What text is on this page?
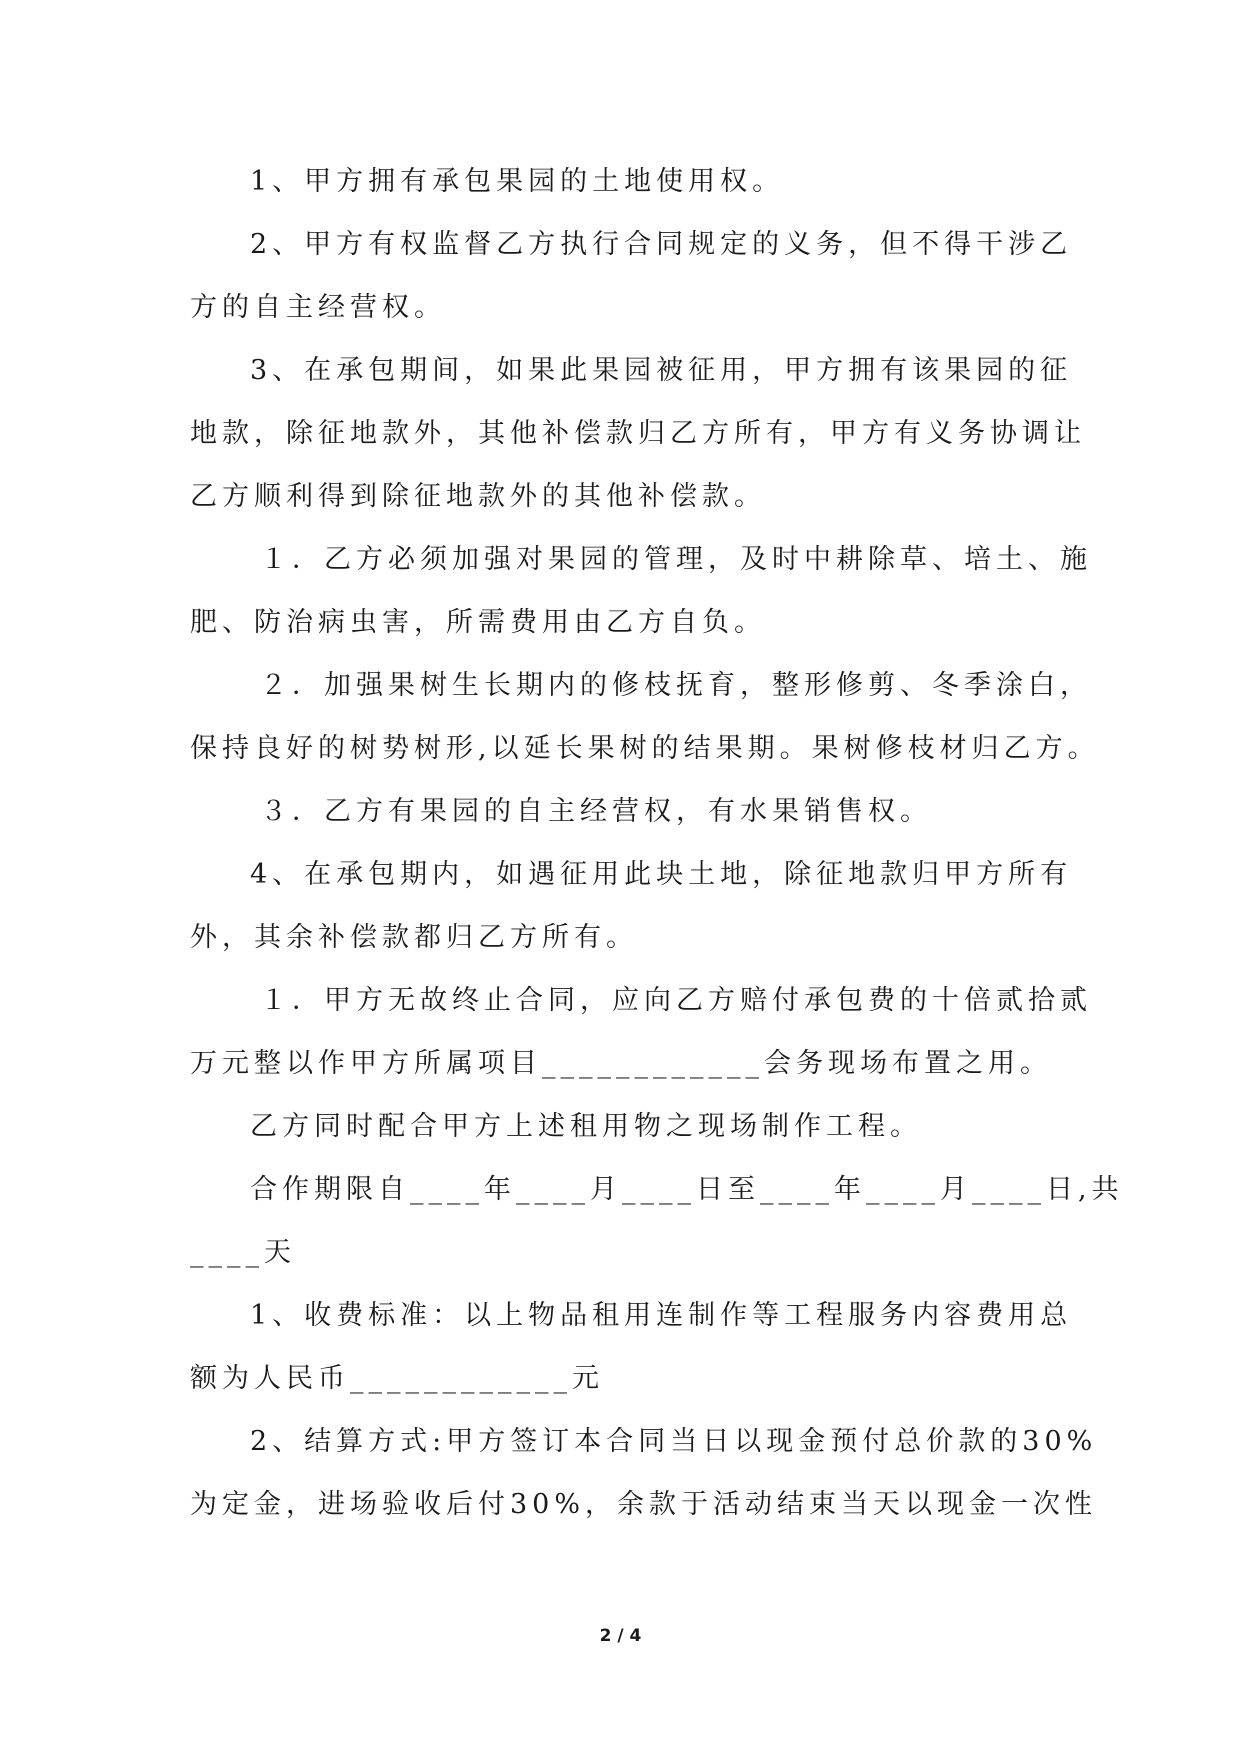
1、甲方拥有承包果园的土地使用权。

2、甲方有权监督乙方执行合同规定的义务，但不得干涉乙
方的自主经营权。

3、在承包期间，如果此果园被征用，甲方拥有该果园的征
地款，除征地款外，其他补偿款归乙方所有，甲方有义务协调让
乙方顺利得到除征地款外的其他补偿款。

１．乙方必须加强对果园的管理，及时中耕除草、培土、施
肥、防治病虫害，所需费用由乙方自负。

２．加强果树生长期内的修枝抚育，整形修剪、冬季涂白，
保持良好的树势树形,以延长果树的结果期。果树修枝材归乙方。

３．乙方有果园的自主经营权，有水果销售权。

4、在承包期内，如遇征用此块土地，除征地款归甲方所有
外，其余补偿款都归乙方所有。

１．甲方无故终止合同，应向乙方赔付承包费的十倍贰拾贰
万元整以作甲方所属项目____________会务现场布置之用。

乙方同时配合甲方上述租用物之现场制作工程。

合作期限自____年____月____日至____年____月____日,共
____天

1、收费标准：以上物品租用连制作等工程服务内容费用总
额为人民币____________元

2、结算方式:甲方签订本合同当日以现金预付总价款的30%
为定金，进场验收后付30%，余款于活动结束当天以现金一次性

2 / 4
